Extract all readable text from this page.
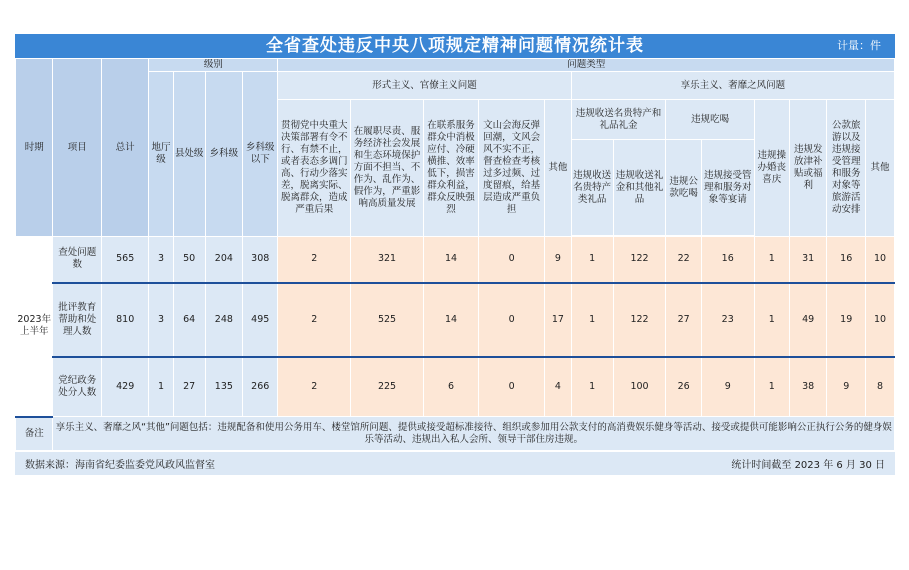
全省查处违反中央八项规定精神问题情况统计表	计量：件
时期	项目	总计	级别				问题类型												
			地厅级	县处级	乡科级	乡科级以下	形式主义、官僚主义问题					享乐主义、奢靡之风问题							
							贯彻党中央重大决策部署有令不行、有禁不止，或者表态多调门高、行动少落实差，脱离实际、脱离群众，造成严重后果	在履职尽责、服务经济社会发展和生态环境保护方面不担当、不作为、乱作为、假作为，严重影响高质量发展	在联系服务群众中消极应付、冷硬横推、效率低下，损害群众利益，群众反映强烈	文山会海反弹回潮，文风会风不实不正，督查检查考核过多过频、过度留痕，给基层造成严重负担	其他	违规收送名贵特产和礼品礼金		违规吃喝		违规操办婚丧喜庆	违规发放津补贴或福利	公款旅游以及违规接受管理和服务对象等旅游活动安排	其他
												违规收送名贵特产类礼品	违规收送礼金和其他礼品	违规公款吃喝	违规接受管理和服务对象等宴请				

2023年上半年	查处问题数	565	3	50	204	308	2	321	14	0	9	1	122	22	16	1	31	16	10
	批评教育帮助和处理人数	810	3	64	248	495	2	525	14	0	17	1	122	27	23	1	49	19	10
	党纪政务处分人数	429	1	27	135	266	2	225	6	0	4	1	100	26	9	1	38	9	8
备注	享乐主义、奢靡之风“其他”问题包括：违规配备和使用公务用车、楼堂馆所问题、提供或接受超标准接待、组织或参加用公款支付的高消费娱乐健身等活动、接受或提供可能影响公正执行公务的健身娱乐等活动、违规出入私人会所、领导干部住房违规。																		
数据来源：海南省纪委监委党风政风监督室	统计时间截至 2023 年 6 月 30 日
